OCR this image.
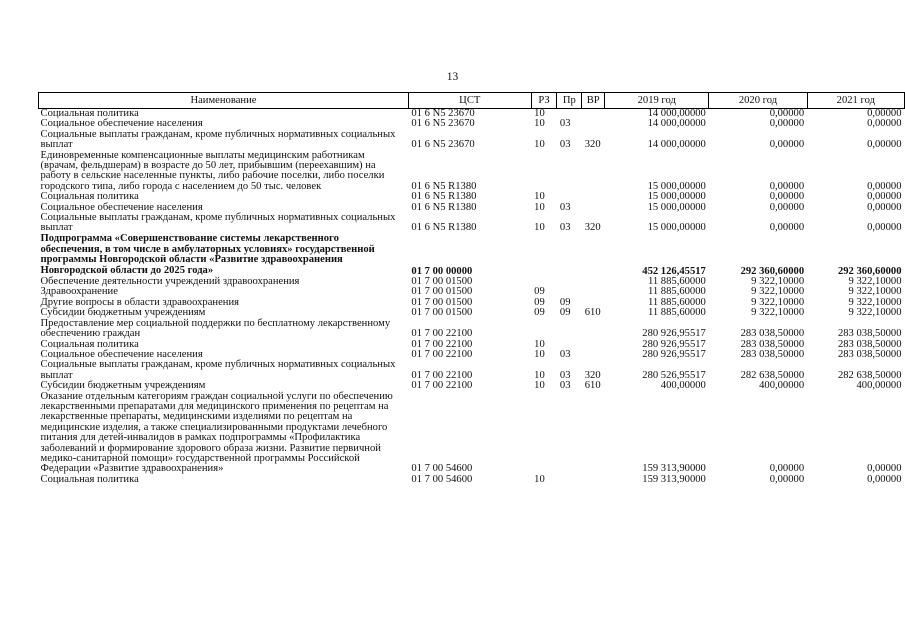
13
Наименование	ЦСТ	РЗ	Пр	ВР	2019 год	2020 год	2021 год
Социальная политика	01 6 N5 23670	10			14 000,00000	0,00000	0,00000
Социальное обеспечение населения	01 6 N5 23670	10	03		14 000,00000	0,00000	0,00000
Социальные выплаты гражданам, кроме публичных нормативных социальных выплат	01 6 N5 23670	10	03	320	14 000,00000	0,00000	0,00000
Единовременные компенсационные выплаты медицинским работникам (врачам, фельдшерам) в возрасте до 50 лет, прибывшим (переехавшим) на работу в сельские населенные пункты, либо рабочие поселки, либо поселки городского типа, либо города с населением до 50 тыс. человек	01 6 N5 R1380				15 000,00000	0,00000	0,00000
Социальная политика	01 6 N5 R1380	10			15 000,00000	0,00000	0,00000
Социальное обеспечение населения	01 6 N5 R1380	10	03		15 000,00000	0,00000	0,00000
Социальные выплаты гражданам, кроме публичных нормативных социальных выплат	01 6 N5 R1380	10	03	320	15 000,00000	0,00000	0,00000
Подпрограмма «Совершенствование системы лекарственного обеспечения, в том числе в амбулаторных условиях» государственной программы Новгородской области «Развитие здравоохранения Новгородской области до 2025 года»	01 7 00 00000				452 126,45517	292 360,60000	292 360,60000
Обеспечение деятельности учреждений здравоохранения	01 7 00 01500				11 885,60000	9 322,10000	9 322,10000
Здравоохранение	01 7 00 01500	09			11 885,60000	9 322,10000	9 322,10000
Другие вопросы в области здравоохранения	01 7 00 01500	09	09		11 885,60000	9 322,10000	9 322,10000
Субсидии бюджетным учреждениям	01 7 00 01500	09	09	610	11 885,60000	9 322,10000	9 322,10000
Предоставление мер социальной поддержки по бесплатному лекарственному обеспечению граждан	01 7 00 22100				280 926,95517	283 038,50000	283 038,50000
Социальная политика	01 7 00 22100	10			280 926,95517	283 038,50000	283 038,50000
Социальное обеспечение населения	01 7 00 22100	10	03		280 926,95517	283 038,50000	283 038,50000
Социальные выплаты гражданам, кроме публичных нормативных социальных выплат	01 7 00 22100	10	03	320	280 526,95517	282 638,50000	282 638,50000
Субсидии бюджетным учреждениям	01 7 00 22100	10	03	610	400,00000	400,00000	400,00000
Оказание отдельным категориям граждан социальной услуги по обеспечению лекарственными препаратами для медицинского применения по рецептам на лекарственные препараты, медицинскими изделиями по рецептам на медицинские изделия, а также специализированными продуктами лечебного питания для детей-инвалидов в рамках подпрограммы «Профилактика заболеваний и формирование здорового образа жизни. Развитие первичной медико-санитарной помощи» государственной программы Российской Федерации «Развитие здравоохранения»	01 7 00 54600				159 313,90000	0,00000	0,00000
Социальная политика	01 7 00 54600	10			159 313,90000	0,00000	0,00000
